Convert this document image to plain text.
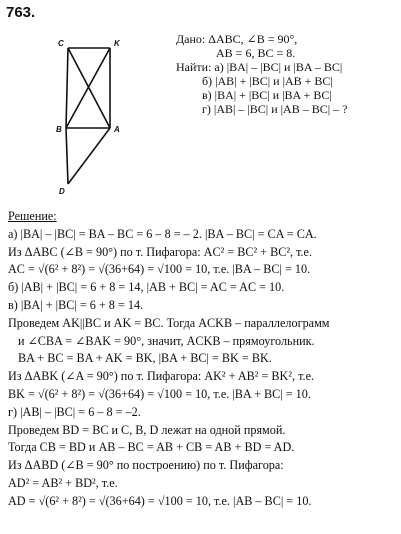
763.
C	K
B	A
D
Дано: ΔABC, ∠B = 90°,
AB = 6, BC = 8.
Найти: а) |BA| – |BC| и |BA – BC|
б) |AB| + |BC| и |AB + BC|
в) |BA| + |BC| и |BA + BC|
г) |AB| – |BC| и |AB – BC| – ?
Решение:
а) |BA| – |BC| = BA – BC = 6 – 8 = – 2. |BA – BC| = CA = CA.
Из ΔABC (∠B = 90°) по т. Пифагора: AC² = BC² + BC², т.е.
AC = √(6² + 8²) = √(36+64) = √100 = 10, т.е. |BA – BC| = 10.
б) |AB| + |BC| = 6 + 8 = 14, |AB + BC| = AC = AC = 10.
в) |BA| + |BC| = 6 + 8 = 14.
Проведем AK||BC и AK = BC. Тогда ACKB – параллелограмм
и ∠CBA = ∠BAK = 90°, значит, ACKB – прямоугольник.
BA + BC = BA + AK = BK, |BA + BC| = BK = BK.
Из ΔABK (∠A = 90°) по т. Пифагора: AK² + AB² = BK², т.е.
BK = √(6² + 8²) = √(36+64) = √100 = 10, т.е. |BA + BC| = 10.
г) |AB| – |BC| = 6 – 8 = –2.
Проведем BD = BC и C, B, D лежат на одной прямой.
Тогда CB = BD и AB – BC = AB + CB = AB + BD = AD.
Из ΔABD (∠B = 90° по построению) по т. Пифагора:
AD² = AB² + BD², т.е.
AD = √(6² + 8²) = √(36+64) = √100 = 10, т.е. |AB – BC| = 10.
